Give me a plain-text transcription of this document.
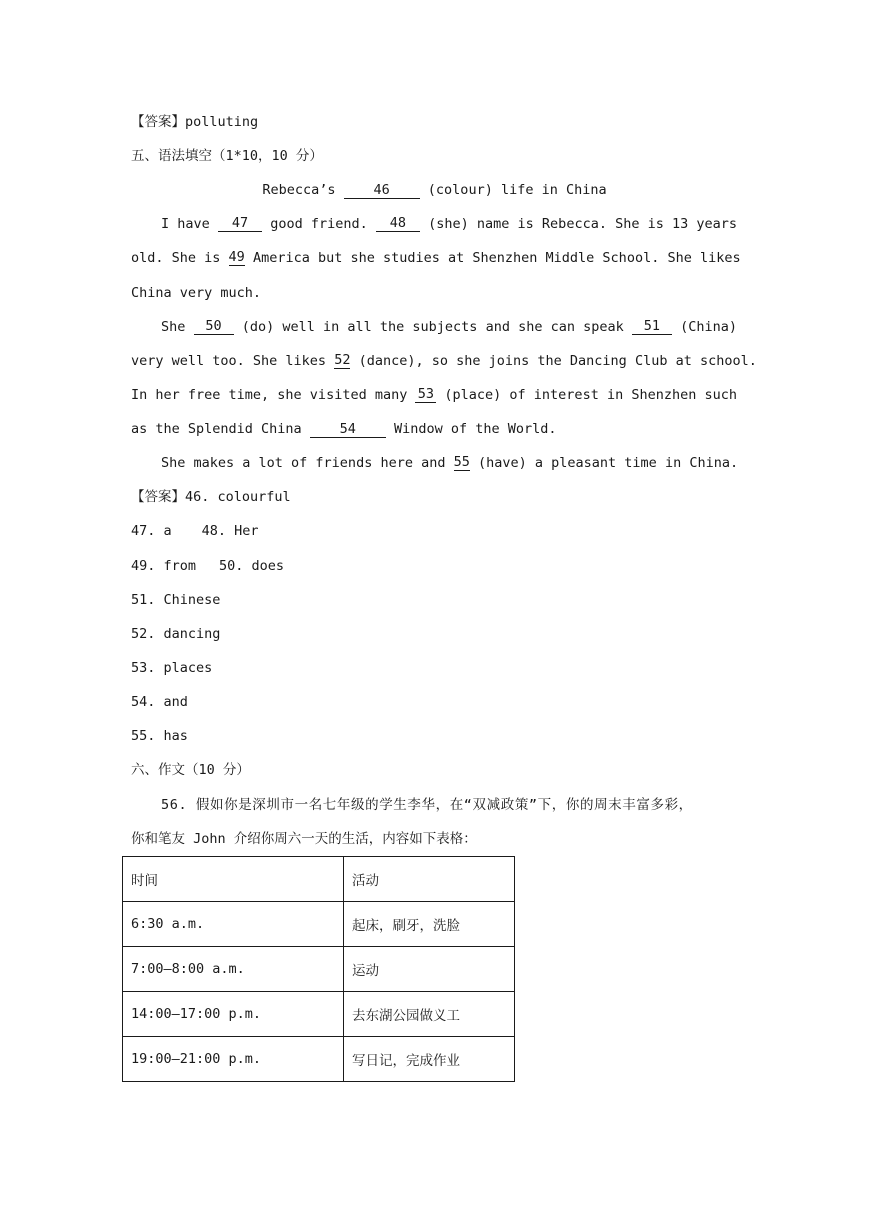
【答案】polluting
五、语法填空（1*10，10 分）
Rebecca’s 46 (colour) life in China
I have	47	good friend.	48	(she) name is Rebecca. She is 13 years
old. She is 49 America but she studies at Shenzhen Middle School. She likes
China very much.
She 50 (do) well in all the subjects and she can speak 51 (China)
very well too. She likes 52 (dance), so she joins the Dancing Club at school.
In her free time, she visited many 53 (place) of interest in Shenzhen such
as the Splendid China 54 Window of the World.
She makes a lot of friends here and 55 (have) a pleasant time in China.
【答案】46. colourful
47. a 48. Her
49. from 50. does
51. Chinese
52. dancing
53. places
54. and
55. has
六、作文（10 分）
56. 假如你是深圳市一名七年级的学生李华，在“双减政策”下，你的周末丰富多彩，
你和笔友 John 介绍你周六一天的生活，内容如下表格：
时间	活动
6:30 a.m.	起床，刷牙，洗脸
7:00—8:00 a.m.	运动
14:00—17:00 p.m.	去东湖公园做义工
19:00—21:00 p.m.	写日记，完成作业
